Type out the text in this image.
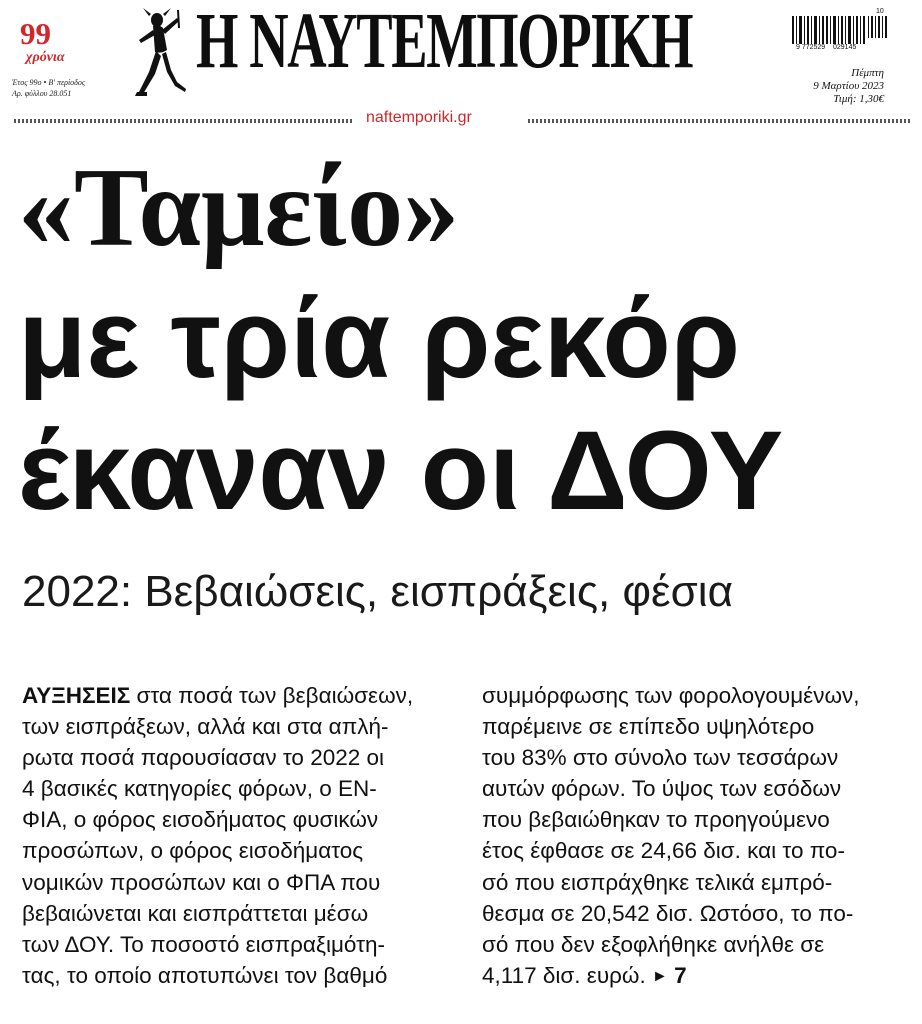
99
χρόνια
Έτος 99ο • Β' περίοδος
Αρ. φύλλου 28.051
Η ΝΑΥΤΕΜΠΟΡΙΚΗ	10
9 772529 029145
Πέμπτη
9 Μαρτίου 2023
Τιμή: 1,30€
naftemporiki.gr
«Ταμείο»
με τρία ρεκόρ
έκαναν οι ΔΟΥ
2022: Βεβαιώσεις, εισπράξεις, φέσια
ΑΥΞΗΣΕΙΣ στα ποσά των βεβαιώσεων,
των εισπράξεων, αλλά και στα απλή-
ρωτα ποσά παρουσίασαν το 2022 οι
4 βασικές κατηγορίες φόρων, ο ΕΝ-
ΦΙΑ, ο φόρος εισοδήματος φυσικών
προσώπων, ο φόρος εισοδήματος
νομικών προσώπων και ο ΦΠΑ που
βεβαιώνεται και εισπράττεται μέσω
των ΔΟΥ. Το ποσοστό εισπραξιμότη-
τας, το οποίο αποτυπώνει τον βαθμό
συμμόρφωσης των φορολογουμένων,
παρέμεινε σε επίπεδο υψηλότερο
του 83% στο σύνολο των τεσσάρων
αυτών φόρων. Το ύψος των εσόδων
που βεβαιώθηκαν το προηγούμενο
έτος έφθασε σε 24,66 δισ. και το πο-
σό που εισπράχθηκε τελικά εμπρό-
θεσμα σε 20,542 δισ. Ωστόσο, το πο-
σό που δεν εξοφλήθηκε ανήλθε σε
4,117 δισ. ευρώ. ► 7
